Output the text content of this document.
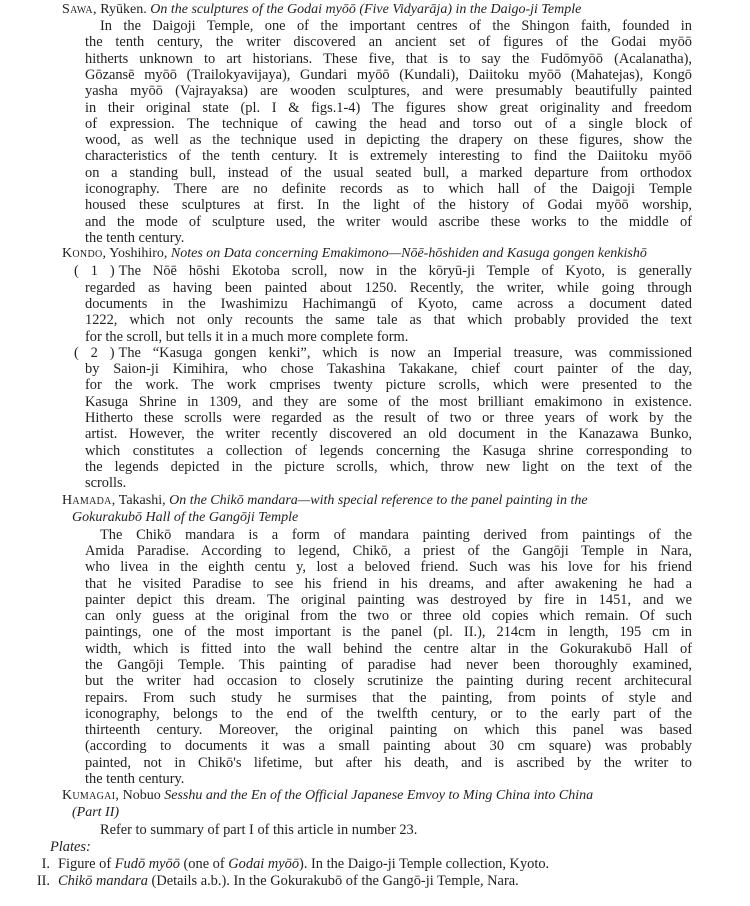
Sawa, Ryūken. On the sculptures of the Godai myōō (Five Vidyarāja) in the Daigo-ji Temple
In the Daigoji Temple, one of the important centres of the Shingon faith, founded in
the tenth century, the writer discovered an ancient set of figures of the Godai myōō
hitherts unknown to art historians. These five, that is to say the Fudōmyōō (Acalanatha),
Gōzansē myōō (Trailokyavijaya), Gundari myōō (Kundali), Daiitoku myōō (Mahatejas), Kongō
yasha myōō (Vajrayaksa) are wooden sculptures, and were presumably beautifully painted
in their original state (pl. I & figs.1-4) The figures show great originality and freedom
of expression. The technique of cawing the head and torso out of a single block of
wood, as well as the technique used in depicting the drapery on these figures, show the
characteristics of the tenth century. It is extremely interesting to find the Daiitoku myōō
on a standing bull, instead of the usual seated bull, a marked departure from orthodox
iconography. There are no definite records as to which hall of the Daigoji Temple
housed these sculptures at first. In the light of the history of Godai myōō worship,
and the mode of sculpture used, the writer would ascribe these works to the middle of
the tenth century.
Kondo, Yoshihiro, Notes on Data concerning Emakimono—Nōē-hōshiden and Kasuga gongen kenkishō
( 1 ) The Nōē hōshi Ekotoba scroll, now in the kōryū-ji Temple of Kyoto, is generally
regarded as having been painted about 1250. Recently, the writer, while going through
documents in the Iwashimizu Hachimangū of Kyoto, came across a document dated
1222, which not only recounts the same tale as that which probably provided the text
for the scroll, but tells it in a much more complete form.
( 2 ) The “Kasuga gongen kenki”, which is now an Imperial treasure, was commissioned
by Saion-ji Kimihira, who chose Takashina Takakane, chief court painter of the day,
for the work. The work cmprises twenty picture scrolls, which were presented to the
Kasuga Shrine in 1309, and they are some of the most brilliant emakimono in existence.
Hitherto these scrolls were regarded as the result of two or three years of work by the
artist. However, the writer recently discovered an old document in the Kanazawa Bunko,
which constitutes a collection of legends concerning the Kasuga shrine corresponding to
the legends depicted in the picture scrolls, which, throw new light on the text of the
scrolls.
Hamada, Takashi, On the Chikō mandara—with special reference to the panel painting in the
Gokurakubō Hall of the Gangōji Temple
The Chikō mandara is a form of mandara painting derived from paintings of the
Amida Paradise. According to legend, Chikō, a priest of the Gangōji Temple in Nara,
who livea in the eighth centu y, lost a beloved friend. Such was his love for his friend
that he visited Paradise to see his friend in his dreams, and after awakening he had a
painter depict this dream. The original painting was destroyed by fire in 1451, and we
can only guess at the original from the two or three old copies which remain. Of such
paintings, one of the most important is the panel (pl. II.), 214cm in length, 195 cm in
width, which is fitted into the wall behind the centre altar in the Gokurakubō Hall of
the Gangōji Temple. This painting of paradise had never been thoroughly examined,
but the writer had occasion to closely scrutinize the painting during recent architecural
repairs. From such study he surmises that the painting, from points of style and
iconography, belongs to the end of the twelfth century, or to the early part of the
thirteenth century. Moreover, the original painting on which this panel was based
(according to documents it was a small painting about 30 cm square) was probably
painted, not in Chikō's lifetime, but after his death, and is ascribed by the writer to
the tenth century.
Kumagai, Nobuo Sesshu and the En of the Official Japanese Emvoy to Ming China into China
(Part II)
Refer to summary of part I of this article in number 23.
Plates:
I. Figure of Fudō myōō (one of Godai myōō). In the Daigo-ji Temple collection, Kyoto.
II. Chikō mandara (Details a.b.). In the Gokurakubō of the Gangō-ji Temple, Nara.
